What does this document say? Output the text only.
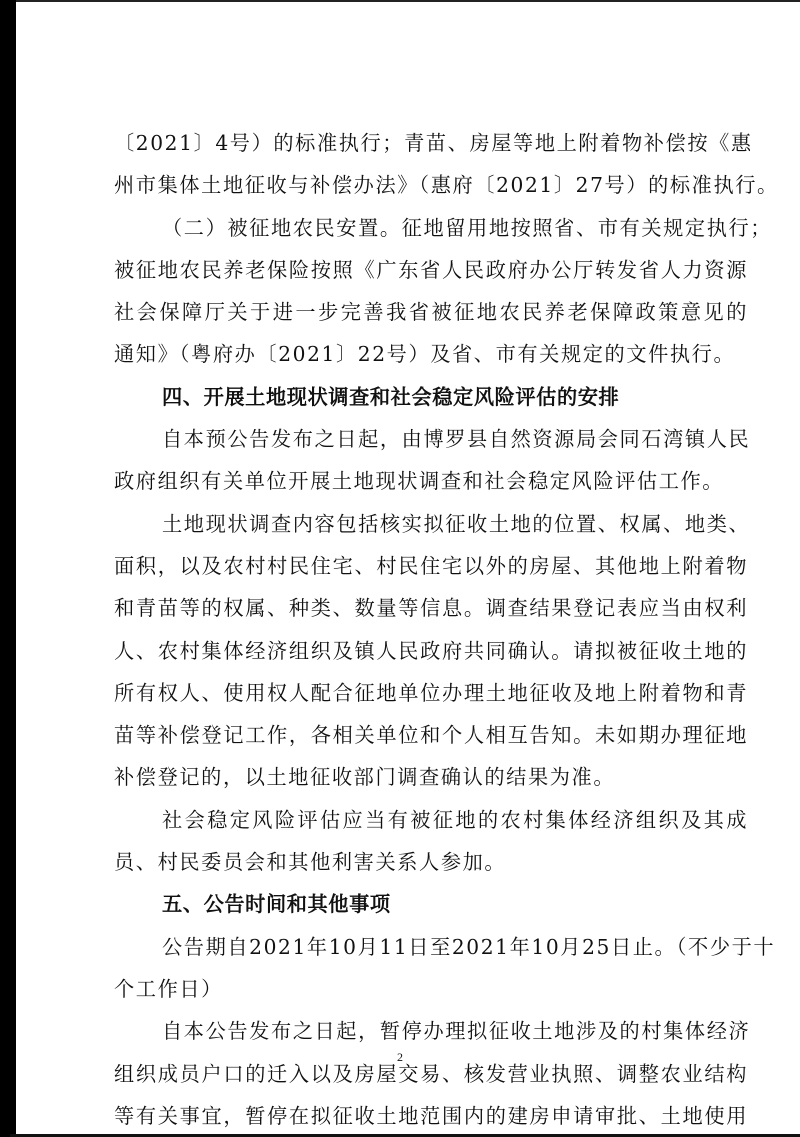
〔2021〕4号）的标准执行；青苗、房屋等地上附着物补偿按《惠
州市集体土地征收与补偿办法》（惠府〔2021〕27号）的标准执行。
（二）被征地农民安置。征地留用地按照省、市有关规定执行；
被征地农民养老保险按照《广东省人民政府办公厅转发省人力资源
社会保障厅关于进一步完善我省被征地农民养老保障政策意见的
通知》（粤府办〔2021〕22号）及省、市有关规定的文件执行。
四、开展土地现状调查和社会稳定风险评估的安排
自本预公告发布之日起，由博罗县自然资源局会同石湾镇人民
政府组织有关单位开展土地现状调查和社会稳定风险评估工作。
土地现状调查内容包括核实拟征收土地的位置、权属、地类、
面积，以及农村村民住宅、村民住宅以外的房屋、其他地上附着物
和青苗等的权属、种类、数量等信息。调查结果登记表应当由权利
人、农村集体经济组织及镇人民政府共同确认。请拟被征收土地的
所有权人、使用权人配合征地单位办理土地征收及地上附着物和青
苗等补偿登记工作，各相关单位和个人相互告知。未如期办理征地
补偿登记的，以土地征收部门调查确认的结果为准。
社会稳定风险评估应当有被征地的农村集体经济组织及其成
员、村民委员会和其他利害关系人参加。
五、公告时间和其他事项
公告期自2021年10月11日至2021年10月25日止。（不少于十
个工作日）
自本公告发布之日起，暂停办理拟征收土地涉及的村集体经济
组织成员户口的迁入以及房屋交易、核发营业执照、调整农业结构
等有关事宜，暂停在拟征收土地范围内的建房申请审批、土地使用
2
